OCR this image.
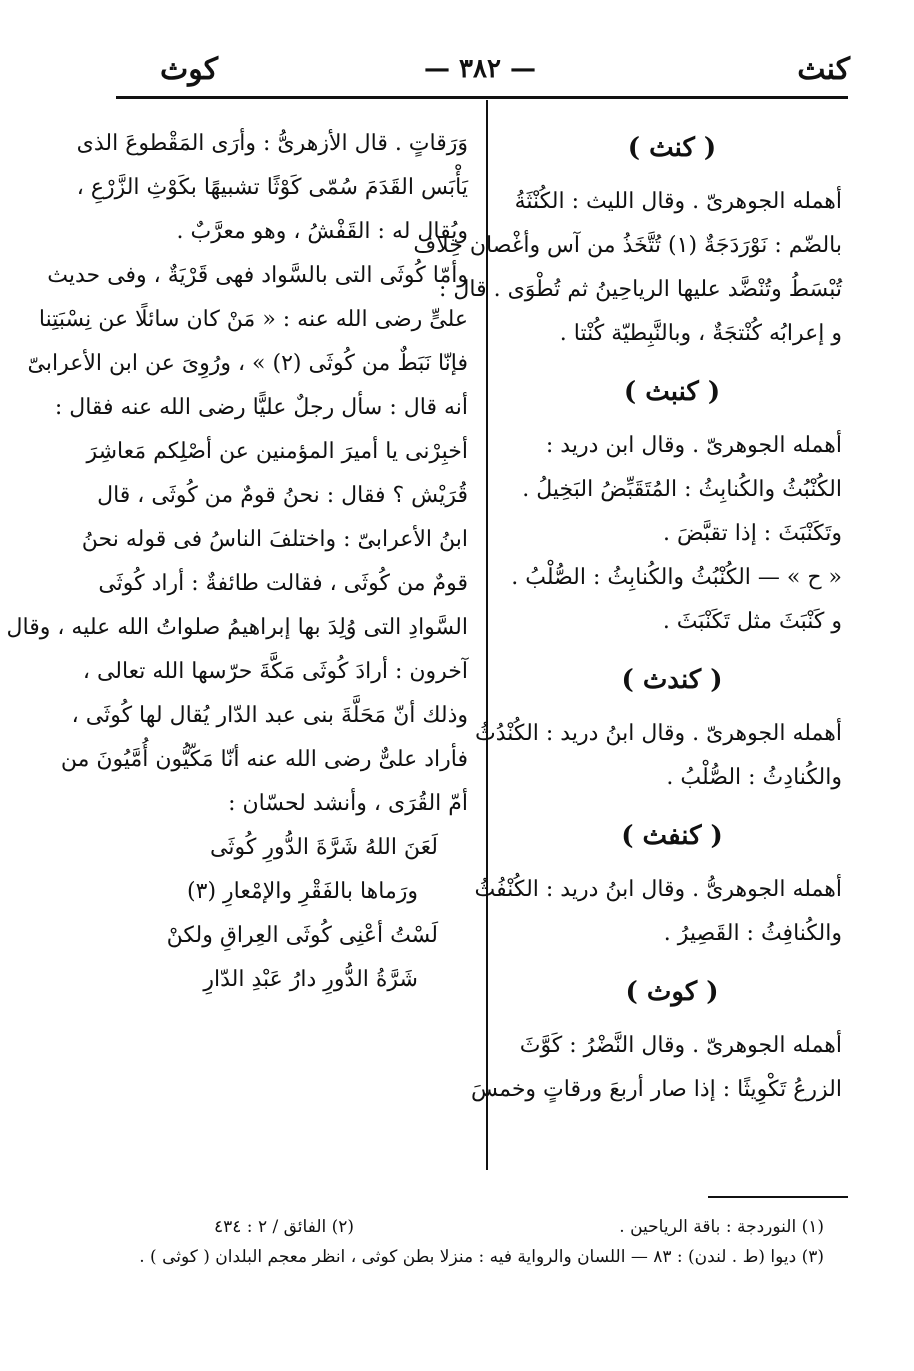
كنث
— ٣٨٢ —
كوث
( كنث )
أهمله الجوهرىّ . وقال الليث : الكُنْثَةُ
بالضّم : نَوْرَدَجَةٌ (١) تُتَّخَذُ من آس وأغْصان خِلاف
تُبْسَطُ وتُنْضَّد عليها الرياحِينُ ثم تُطْوَى . قال :
و إعرابُه كُنْتجَةٌ ، وبالنَّبِطيّة كُنْتا .
( كنبث )
أهمله الجوهرىّ . وقال ابن دريد :
الكُنْبُثُ والكُنابِثُ : المُتَقَبِّضُ البَخِيلُ .
وتَكَنْبَثَ : إذا تقبَّضَ .
« ح » — الكُنْبُثُ والكُنابِثُ : الصُّلْبُ .
و كَنْبَثَ مثل تَكَنْبَثَ .
( كندث )
أهمله الجوهرىّ . وقال ابنُ دريد : الكُنْدُثُ
والكُنادِثُ : الصُّلْبُ .
( كنفث )
أهمله الجوهرىُّ . وقال ابنُ دريد : الكُنْفُثُ
والكُنافِثُ : القَصِيرُ .
( كوث )
أهمله الجوهرىّ . وقال النَّضْرُ : كَوَّثَ
الزرعُ تَكْوِيثًا : إذا صار أربعَ ورقاتٍ وخمسَ
وَرَقاتٍ . قال الأزهرىُّ : وأرَى المَقْطوعَ الذى
يَأْبَس القَدَمَ سُمّى كَوْثًا تشبيهًا بكَوْثِ الزَّرْعِ ،
ويُقال له : القَفْشُ ، وهو معرَّبٌ .
وأمّا كُوثَى التى بالسَّواد فهى قَرْيَةٌ ، وفى حديث
علىٍّ رضى الله عنه : « مَنْ كان سائلًا عن نِسْبَتِنا
فإنّا نَبَطٌ من كُوثَى (٢) » ، ورُوِىَ عن ابن الأعرابىّ
أنه قال : سأل رجلٌ عليًّا رضى الله عنه فقال :
أخبِرْنى يا أميرَ المؤمنين عن أصْلِكم مَعاشِرَ
قُرَيْش ؟ فقال : نحنُ قومٌ من كُوثَى ، قال
ابنُ الأعرابىّ : واختلفَ الناسُ فى قوله نحنُ
قومٌ من كُوثَى ، فقالت طائفةٌ : أراد كُوثَى
السَّوادِ التى وُلِدَ بها إبراهيمُ صلواتُ الله عليه ، وقال
آخرون : أرادَ كُوثَى مَكَّةَ حرّسها الله تعالى ،
وذلك أنّ مَحَلَّةَ بنى عبد الدّار يُقال لها كُوثَى ،
فأراد علىٌّ رضى الله عنه أنّا مَكّيُّون أُمَّيُونَ من
أمّ القُرَى ، وأنشد لحسّان :
لَعَنَ اللهُ شَرَّةَ الدُّورِ كُوثَى
ورَماها بالفَقْرِ والإمْعارِ (٣)
لَسْتُ أعْنِى كُوثَى العِراقِ ولكنْ
شَرَّةُ الدُّورِ دارُ عَبْدِ الدّارِ
(١) النوردجة : باقة الرياحين .
(٢) الفائق / ٢ : ٤٣٤
(٣) ديوا (ط . لندن) : ٨٣ — اللسان والرواية فيه : منزلا بطن كوثى ، انظر معجم البلدان ( كوثى ) .
